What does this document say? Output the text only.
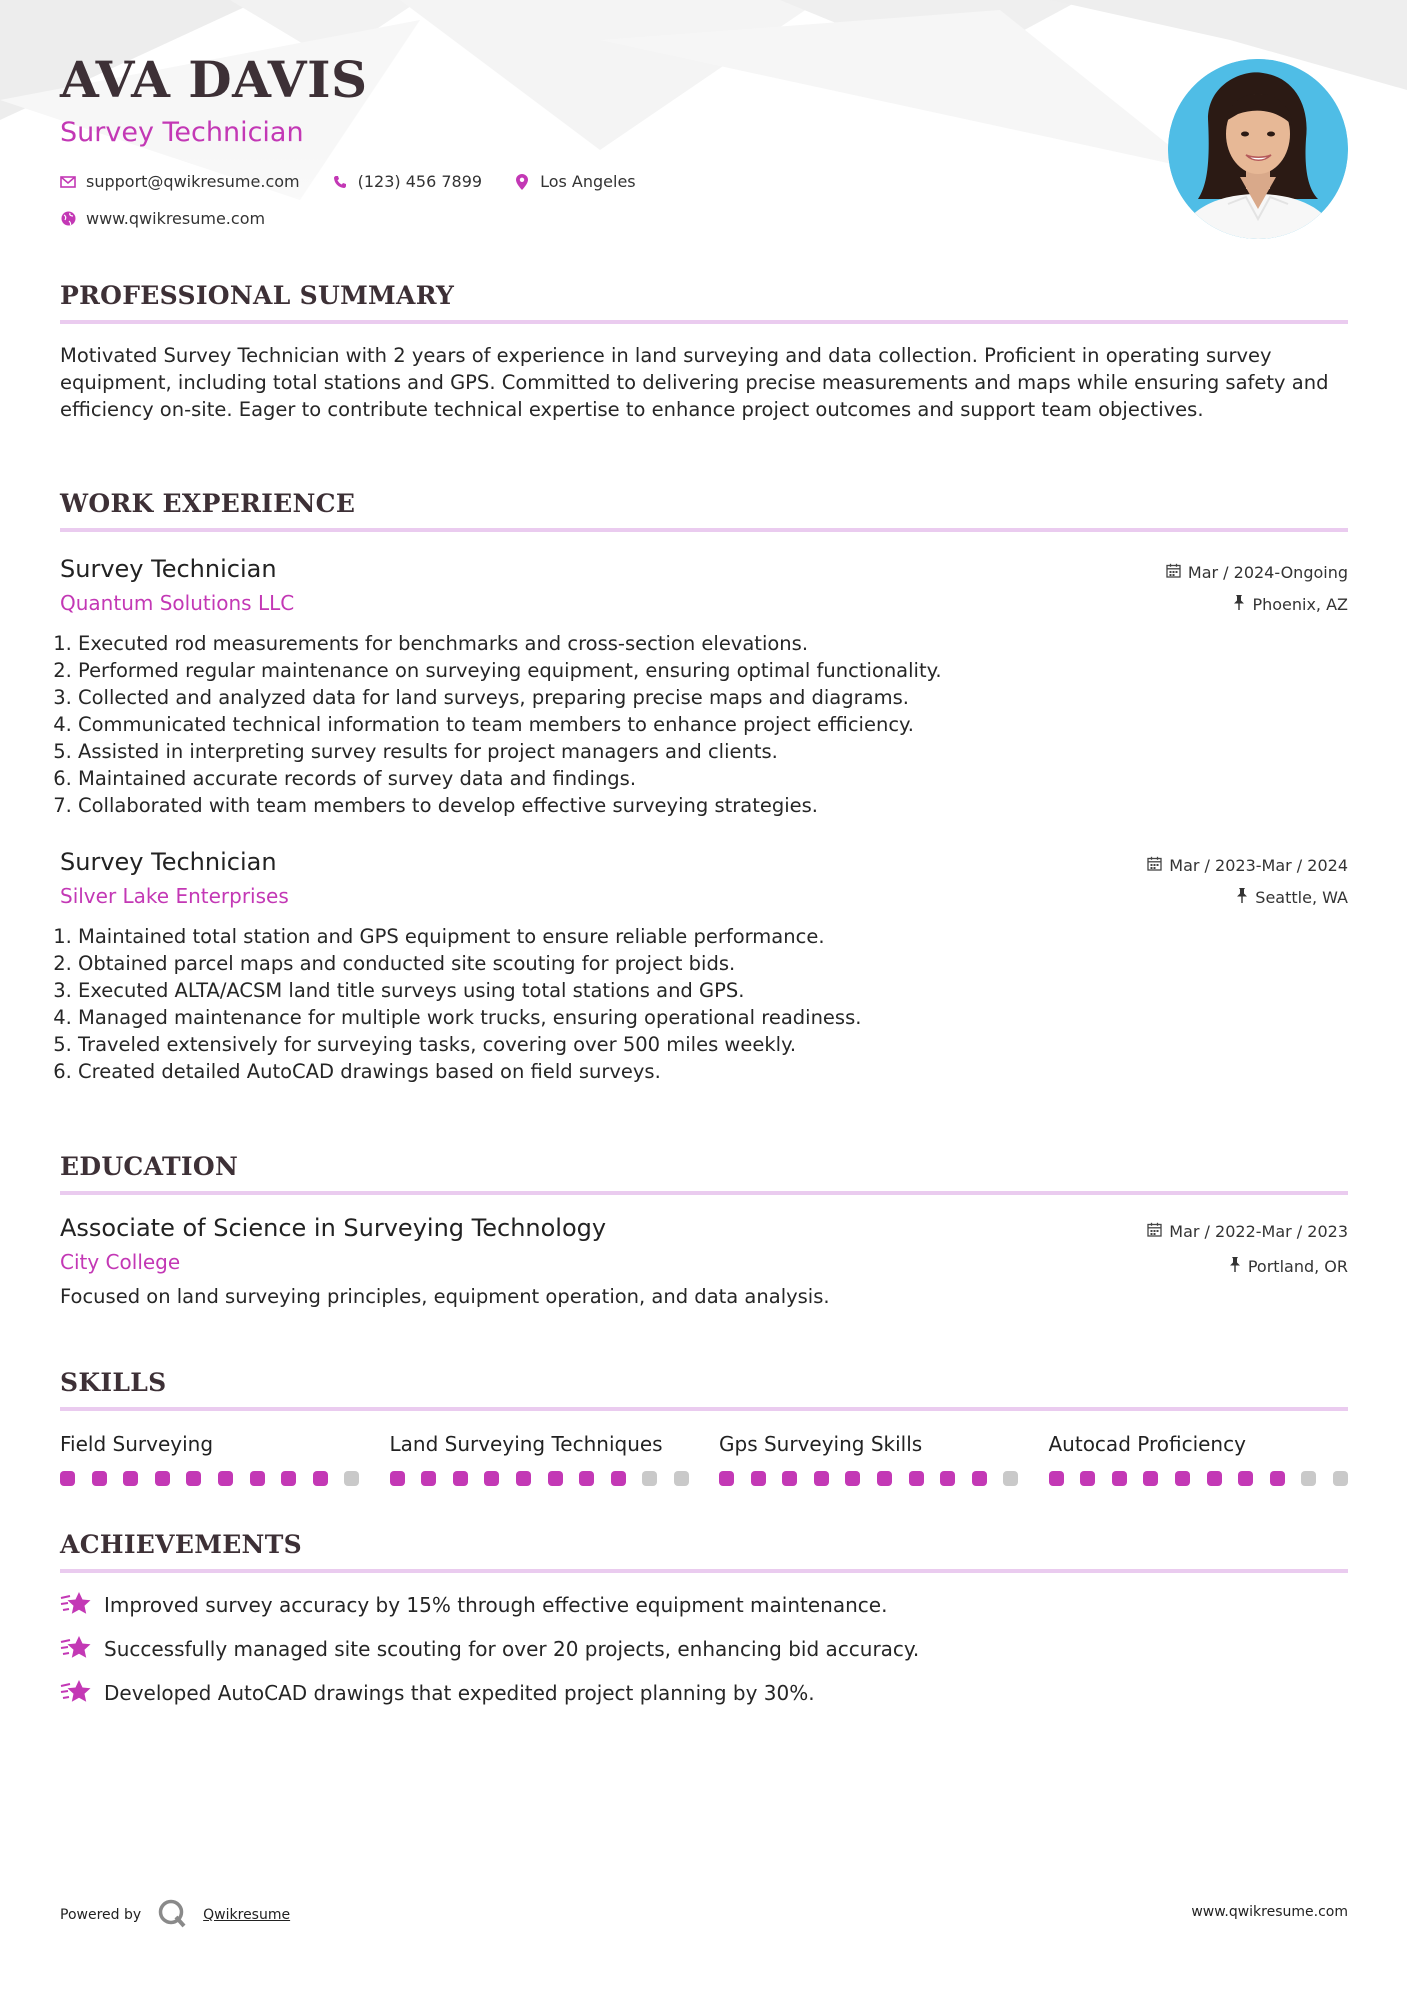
AVA DAVIS
Survey Technician
support@qwikresume.com	(123) 456 7899	Los Angeles
www.qwikresume.com
PROFESSIONAL SUMMARY
Motivated Survey Technician with 2 years of experience in land surveying and data collection. Proficient in operating survey equipment, including total stations and GPS. Committed to delivering precise measurements and maps while ensuring safety and efficiency on-site. Eager to contribute technical expertise to enhance project outcomes and support team objectives.
WORK EXPERIENCE
Survey Technician
Quantum Solutions LLC
Mar / 2024-Ongoing
Phoenix, AZ
1. Executed rod measurements for benchmarks and cross-section elevations.
2. Performed regular maintenance on surveying equipment, ensuring optimal functionality.
3. Collected and analyzed data for land surveys, preparing precise maps and diagrams.
4. Communicated technical information to team members to enhance project efficiency.
5. Assisted in interpreting survey results for project managers and clients.
6. Maintained accurate records of survey data and findings.
7. Collaborated with team members to develop effective surveying strategies.
Survey Technician
Silver Lake Enterprises
Mar / 2023-Mar / 2024
Seattle, WA
1. Maintained total station and GPS equipment to ensure reliable performance.
2. Obtained parcel maps and conducted site scouting for project bids.
3. Executed ALTA/ACSM land title surveys using total stations and GPS.
4. Managed maintenance for multiple work trucks, ensuring operational readiness.
5. Traveled extensively for surveying tasks, covering over 500 miles weekly.
6. Created detailed AutoCAD drawings based on field surveys.
EDUCATION
Associate of Science in Surveying Technology
City College
Mar / 2022-Mar / 2023
Portland, OR
Focused on land surveying principles, equipment operation, and data analysis.
SKILLS
Field Surveying	Land Surveying Techniques	Gps Surveying Skills	Autocad Proficiency
ACHIEVEMENTS
Improved survey accuracy by 15% through effective equipment maintenance.
Successfully managed site scouting for over 20 projects, enhancing bid accuracy.
Developed AutoCAD drawings that expedited project planning by 30%.
Powered by	Qwikresume	www.qwikresume.com
